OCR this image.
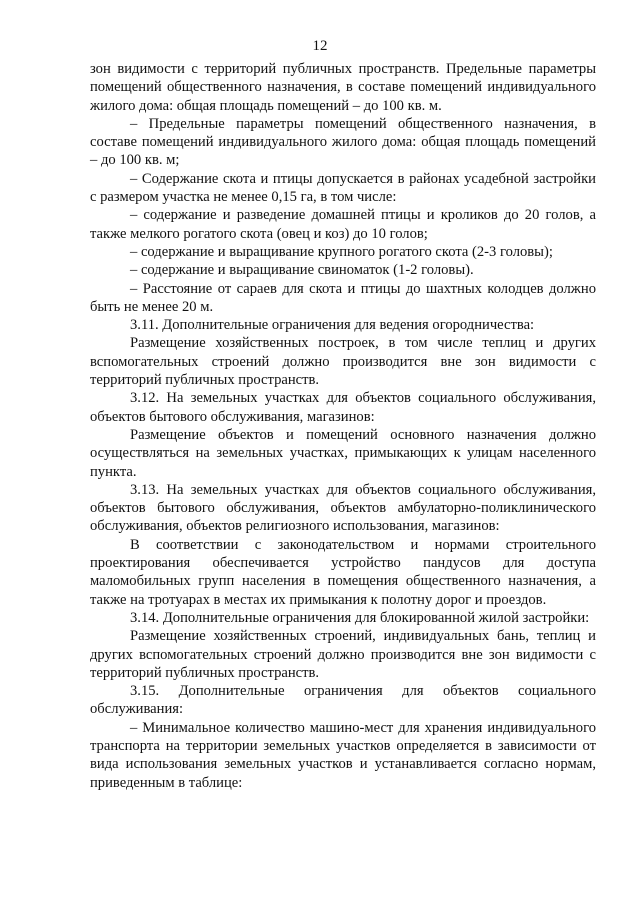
12

зон видимости с территорий публичных пространств. Предельные параметры помещений общественного назначения, в составе помещений индивидуального жилого дома: общая площадь помещений – до 100 кв. м.

– Предельные параметры помещений общественного назначения, в составе помещений индивидуального жилого дома: общая площадь помещений – до 100 кв. м;

– Содержание скота и птицы допускается в районах усадебной застройки с размером участка не менее 0,15 га, в том числе:

– содержание и разведение домашней птицы и кроликов до 20 голов, а также мелкого рогатого скота (овец и коз) до 10 голов;

– содержание и выращивание крупного рогатого скота (2-3 головы);

– содержание и выращивание свиноматок (1-2 головы).

– Расстояние от сараев для скота и птицы до шахтных колодцев должно быть не менее 20 м.

3.11. Дополнительные ограничения для ведения огородничества:

Размещение хозяйственных построек, в том числе теплиц и других вспомогательных строений должно производится вне зон видимости с территорий публичных пространств.

3.12. На земельных участках для объектов социального обслуживания, объектов бытового обслуживания, магазинов:

Размещение объектов и помещений основного назначения должно осуществляться на земельных участках, примыкающих к улицам населенного пункта.

3.13. На земельных участках для объектов социального обслуживания, объектов бытового обслуживания, объектов амбулаторно-поликлинического обслуживания, объектов религиозного использования, магазинов:

В соответствии с законодательством и нормами строительного проектирования обеспечивается устройство пандусов для доступа маломобильных групп населения в помещения общественного назначения, а также на тротуарах в местах их примыкания к полотну дорог и проездов.

3.14. Дополнительные ограничения для блокированной жилой застройки:

Размещение хозяйственных строений, индивидуальных бань, теплиц и других вспомогательных строений должно производится вне зон видимости с территорий публичных пространств.

3.15. Дополнительные ограничения для объектов социального обслуживания:

– Минимальное количество машино-мест для хранения индивидуального транспорта на территории земельных участков определяется в зависимости от вида использования земельных участков и устанавливается согласно нормам, приведенным в таблице:
